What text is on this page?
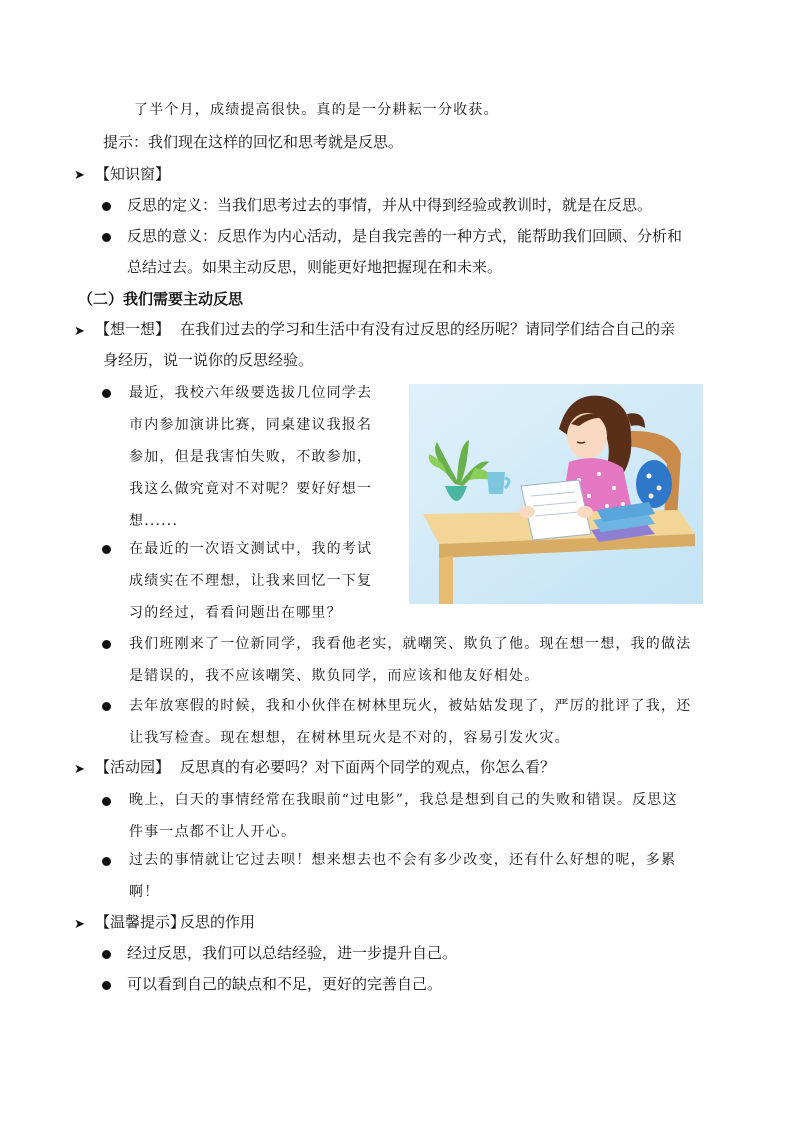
了半个月，成绩提高很快。真的是一分耕耘一分收获。
提示：我们现在这样的回忆和思考就是反思。
➤ 【知识窗】
反思的定义：当我们思考过去的事情，并从中得到经验或教训时，就是在反思。
反思的意义：反思作为内心活动，是自我完善的一种方式，能帮助我们回顾、分析和
总结过去。如果主动反思，则能更好地把握现在和未来。
（二）我们需要主动反思
➤ 【想一想】 在我们过去的学习和生活中有没有过反思的经历呢？请同学们结合自己的亲
身经历，说一说你的反思经验。
最近，我校六年级要选拔几位同学去
市内参加演讲比赛，同桌建议我报名
参加，但是我害怕失败，不敢参加，
我这么做究竟对不对呢？要好好想一
想......
在最近的一次语文测试中，我的考试
成绩实在不理想，让我来回忆一下复
习的经过，看看问题出在哪里？
我们班刚来了一位新同学，我看他老实，就嘲笑、欺负了他。现在想一想，我的做法
是错误的，我不应该嘲笑、欺负同学，而应该和他友好相处。
去年放寒假的时候，我和小伙伴在树林里玩火，被姑姑发现了，严厉的批评了我，还
让我写检查。现在想想，在树林里玩火是不对的，容易引发火灾。
➤ 【活动园】 反思真的有必要吗？对下面两个同学的观点，你怎么看？
晚上，白天的事情经常在我眼前“过电影”，我总是想到自己的失败和错误。反思这
件事一点都不让人开心。
过去的事情就让它过去呗！想来想去也不会有多少改变，还有什么好想的呢，多累
啊！
➤ 【温馨提示】
反思的作用
经过反思，我们可以总结经验，进一步提升自己。
可以看到自己的缺点和不足，更好的完善自己。
